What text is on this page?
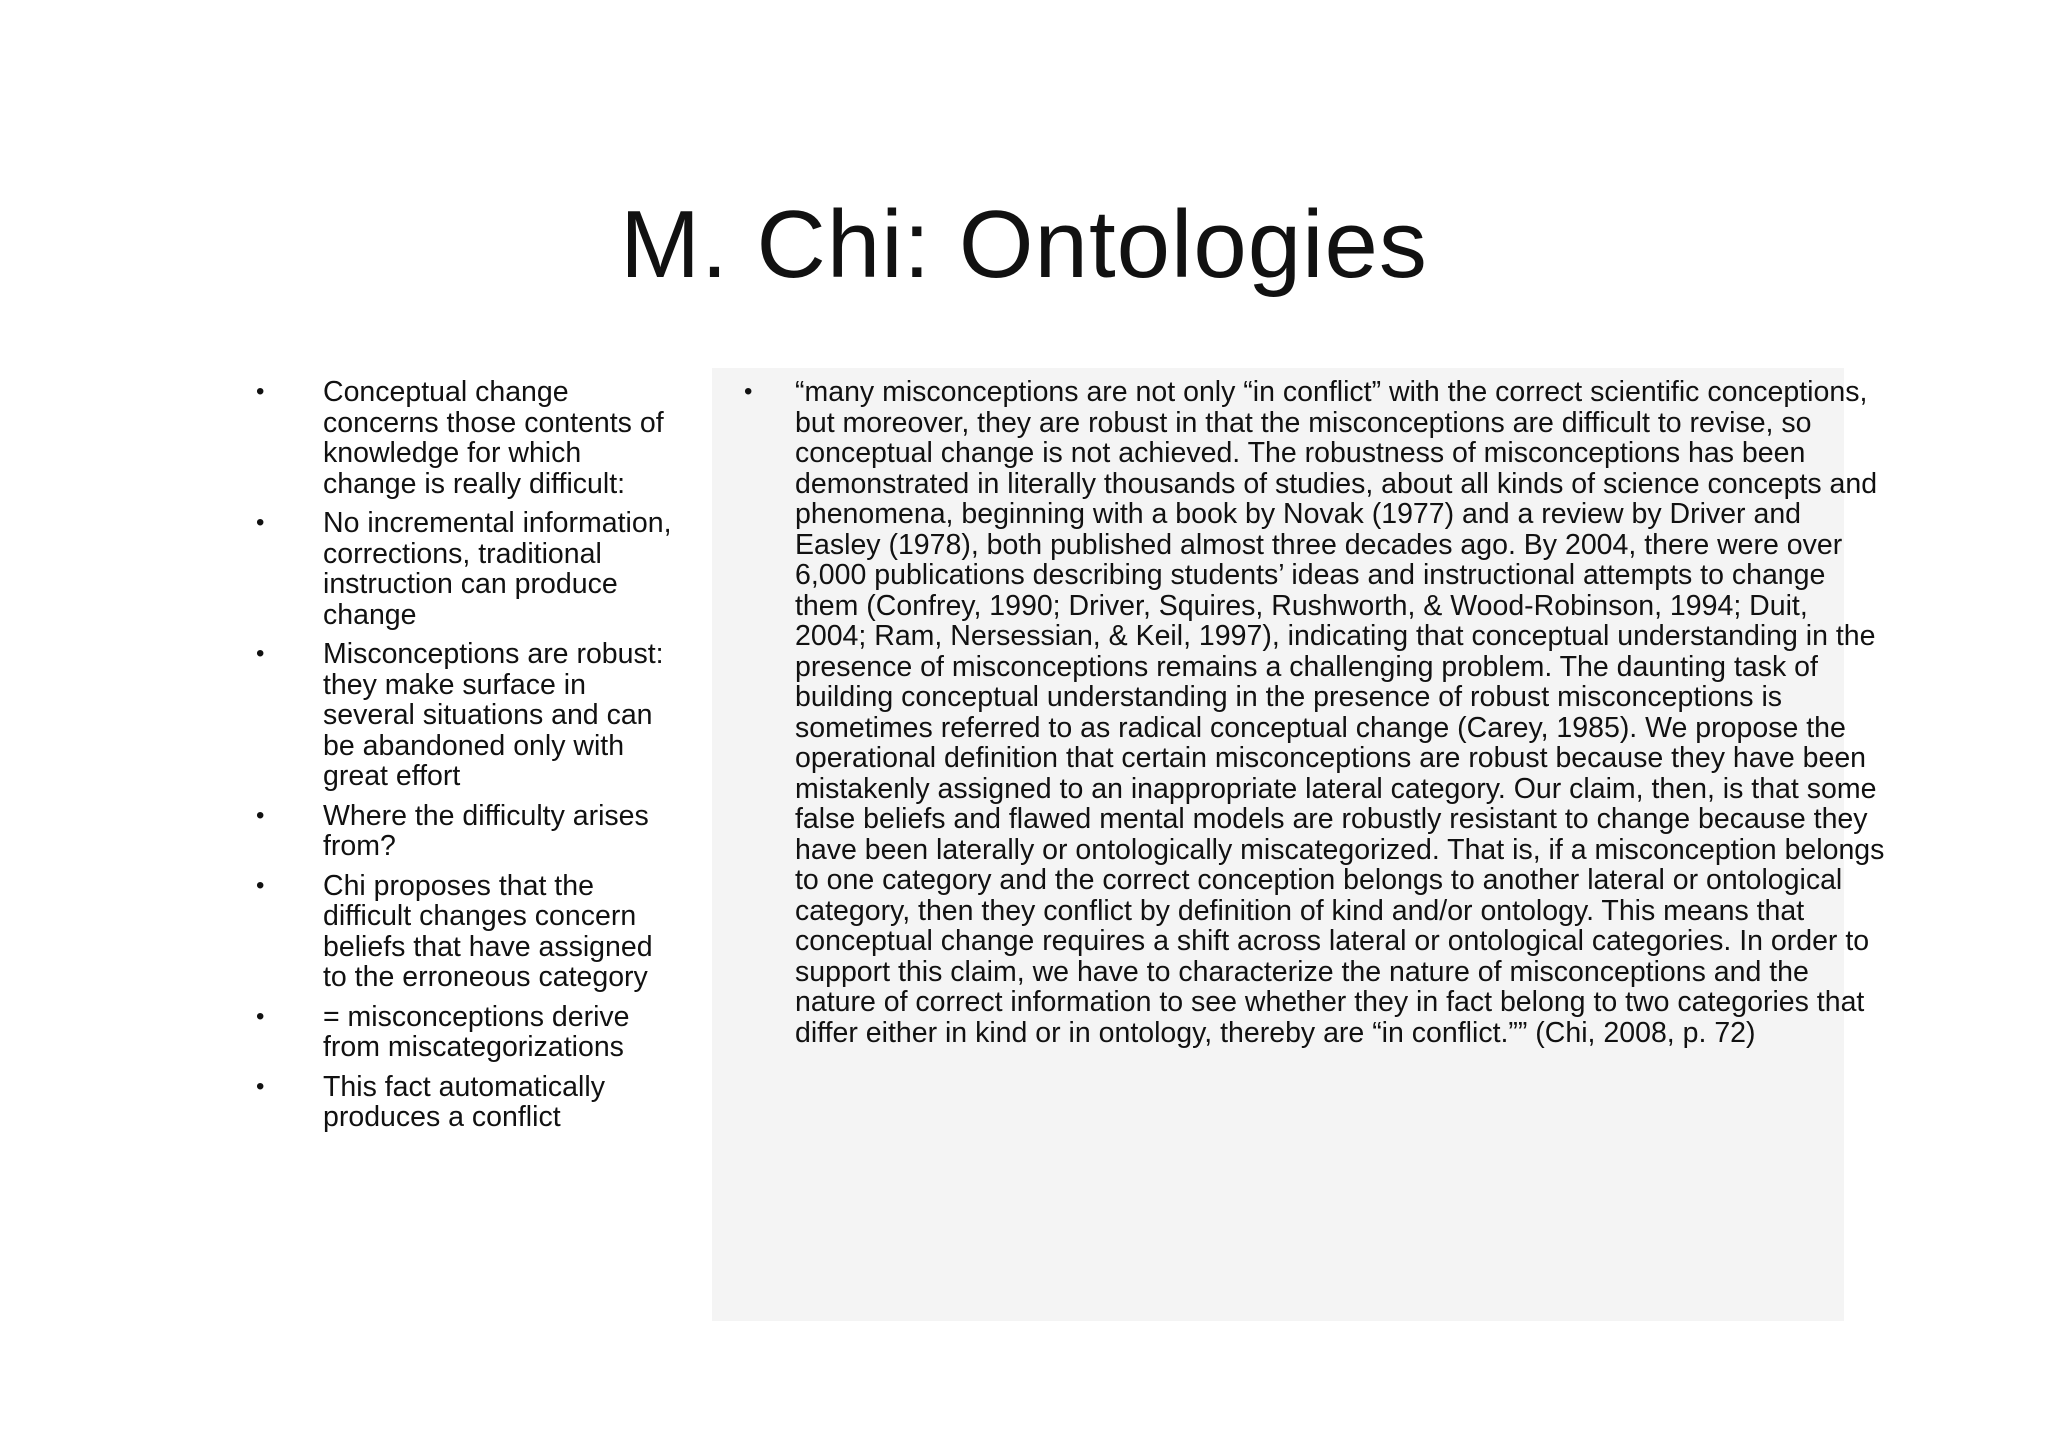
M. Chi: Ontologies
• Conceptual change concerns those contents of knowledge for which change is really difficult:
• No incremental information, corrections, traditional instruction can produce change
• Misconceptions are robust: they make surface in several situations and can be abandoned only with great effort
• Where the difficulty arises from?
• Chi proposes that the difficult changes concern beliefs that have assigned to the erroneous category
• = misconceptions derive from miscategorizations
• This fact automatically produces a conflict
• “many misconceptions are not only “in conflict” with the correct scientific conceptions, but moreover, they are robust in that the misconceptions are difficult to revise, so conceptual change is not achieved. The robustness of misconceptions has been demonstrated in literally thousands of studies, about all kinds of science concepts and phenomena, beginning with a book by Novak (1977) and a review by Driver and Easley (1978), both published almost three decades ago. By 2004, there were over 6,000 publications describing students’ ideas and instructional attempts to change them (Confrey, 1990; Driver, Squires, Rushworth, & Wood-Robinson, 1994; Duit, 2004; Ram, Nersessian, & Keil, 1997), indicating that conceptual understanding in the presence of misconceptions remains a challenging problem. The daunting task of building conceptual understanding in the presence of robust misconceptions is sometimes referred to as radical conceptual change (Carey, 1985). We propose the operational definition that certain misconceptions are robust because they have been mistakenly assigned to an inappropriate lateral category. Our claim, then, is that some false beliefs and flawed mental models are robustly resistant to change because they have been laterally or ontologically miscategorized. That is, if a misconception belongs to one category and the correct conception belongs to another lateral or ontological category, then they conflict by definition of kind and/or ontology. This means that conceptual change requires a shift across lateral or ontological categories. In order to support this claim, we have to characterize the nature of misconceptions and the nature of correct information to see whether they in fact belong to two categories that differ either in kind or in ontology, thereby are “in conflict.”” (Chi, 2008, p. 72)
